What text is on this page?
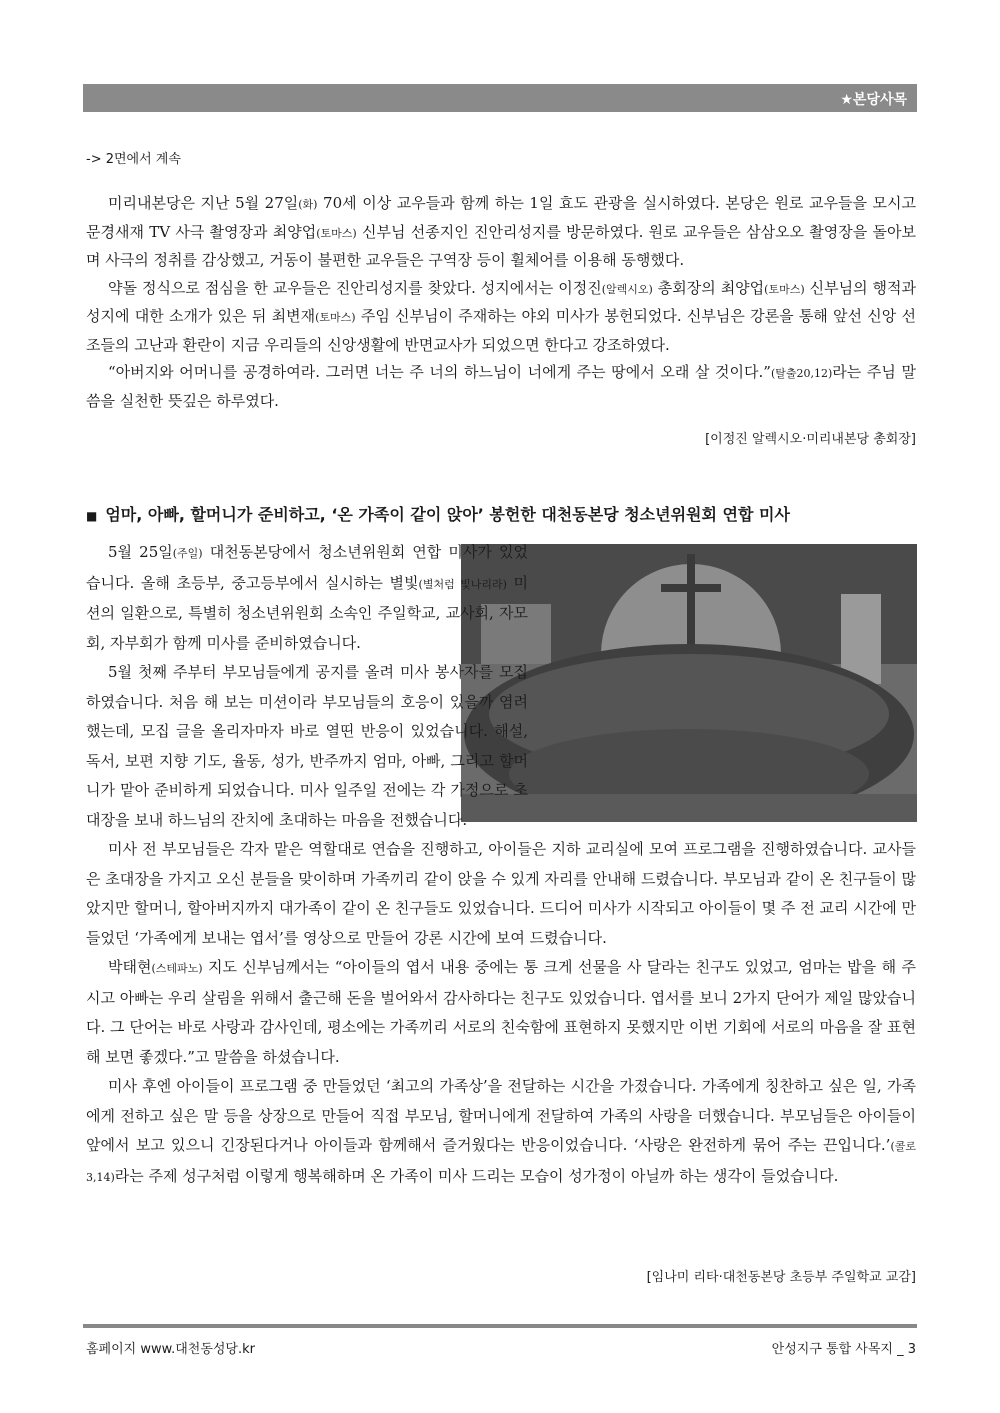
★본당사목
-> 2면에서 계속

미리내본당은 지난 5월 27일(화) 70세 이상 교우들과 함께 하는 1일 효도 관광을 실시하였다. 본당은 원로 교우들을 모시고 문경새재 TV 사극 촬영장과 최양업(토마스) 신부님 선종지인 진안리성지를 방문하였다. 원로 교우들은 삼삼오오 촬영장을 돌아보며 사극의 정취를 감상했고, 거동이 불편한 교우들은 구역장 등이 휠체어를 이용해 동행했다.

약돌 정식으로 점심을 한 교우들은 진안리성지를 찾았다. 성지에서는 이정진(알렉시오) 총회장의 최양업(토마스) 신부님의 행적과 성지에 대한 소개가 있은 뒤 최변재(토마스) 주임 신부님이 주재하는 야외 미사가 봉헌되었다. 신부님은 강론을 통해 앞선 신앙 선조들의 고난과 환란이 지금 우리들의 신앙생활에 반면교사가 되었으면 한다고 강조하였다.

“아버지와 어머니를 공경하여라. 그러면 너는 주 너의 하느님이 너에게 주는 땅에서 오래 살 것이다.”(탈출20,12)라는 주님 말씀을 실천한 뜻깊은 하루였다.

[이정진 알렉시오·미리내본당 총회장]
■ 엄마, 아빠, 할머니가 준비하고, ‘온 가족이 같이 앉아’ 봉헌한 대천동본당 청소년위원회 연합 미사

5월 25일(주일) 대천동본당에서 청소년위원회 연합 미사가 있었습니다. 올해 초등부, 중고등부에서 실시하는 별빛(별처럼 빛나리라) 미션의 일환으로, 특별히 청소년위원회 소속인 주일학교, 교사회, 자모회, 자부회가 함께 미사를 준비하였습니다.

5월 첫째 주부터 부모님들에게 공지를 올려 미사 봉사자를 모집하였습니다. 처음 해 보는 미션이라 부모님들의 호응이 있을까 염려했는데, 모집 글을 올리자마자 바로 열띤 반응이 있었습니다. 해설, 독서, 보편 지향 기도, 율동, 성가, 반주까지 엄마, 아빠, 그리고 할머니가 맡아 준비하게 되었습니다. 미사 일주일 전에는 각 가정으로 초대장을 보내 하느님의 잔치에 초대하는 마음을 전했습니다.

미사 전 부모님들은 각자 맡은 역할대로 연습을 진행하고, 아이들은 지하 교리실에 모여 프로그램을 진행하였습니다. 교사들은 초대장을 가지고 오신 분들을 맞이하며 가족끼리 같이 앉을 수 있게 자리를 안내해 드렸습니다. 부모님과 같이 온 친구들이 많았지만 할머니, 할아버지까지 대가족이 같이 온 친구들도 있었습니다. 드디어 미사가 시작되고 아이들이 몇 주 전 교리 시간에 만들었던 ‘가족에게 보내는 엽서’를 영상으로 만들어 강론 시간에 보여 드렸습니다.

박태현(스테파노) 지도 신부님께서는 “아이들의 엽서 내용 중에는 통 크게 선물을 사 달라는 친구도 있었고, 엄마는 밥을 해 주시고 아빠는 우리 살림을 위해서 출근해 돈을 벌어와서 감사하다는 친구도 있었습니다. 엽서를 보니 2가지 단어가 제일 많았습니다. 그 단어는 바로 사랑과 감사인데, 평소에는 가족끼리 서로의 친숙함에 표현하지 못했지만 이번 기회에 서로의 마음을 잘 표현해 보면 좋겠다.”고 말씀을 하셨습니다.

미사 후엔 아이들이 프로그램 중 만들었던 ‘최고의 가족상’을 전달하는 시간을 가졌습니다. 가족에게 칭찬하고 싶은 일, 가족에게 전하고 싶은 말 등을 상장으로 만들어 직접 부모님, 할머니에게 전달하여 가족의 사랑을 더했습니다. 부모님들은 아이들이 앞에서 보고 있으니 긴장된다거나 아이들과 함께해서 즐거웠다는 반응이었습니다. ‘사랑은 완전하게 묶어 주는 끈입니다.’(콜로3,14)라는 주제 성구처럼 이렇게 행복해하며 온 가족이 미사 드리는 모습이 성가정이 아닐까 하는 생각이 들었습니다.

[임나미 리타·대천동본당 초등부 주일학교 교감]
홈페이지 www.대천동성당.kr	안성지구 통합 사목지 _ 3
